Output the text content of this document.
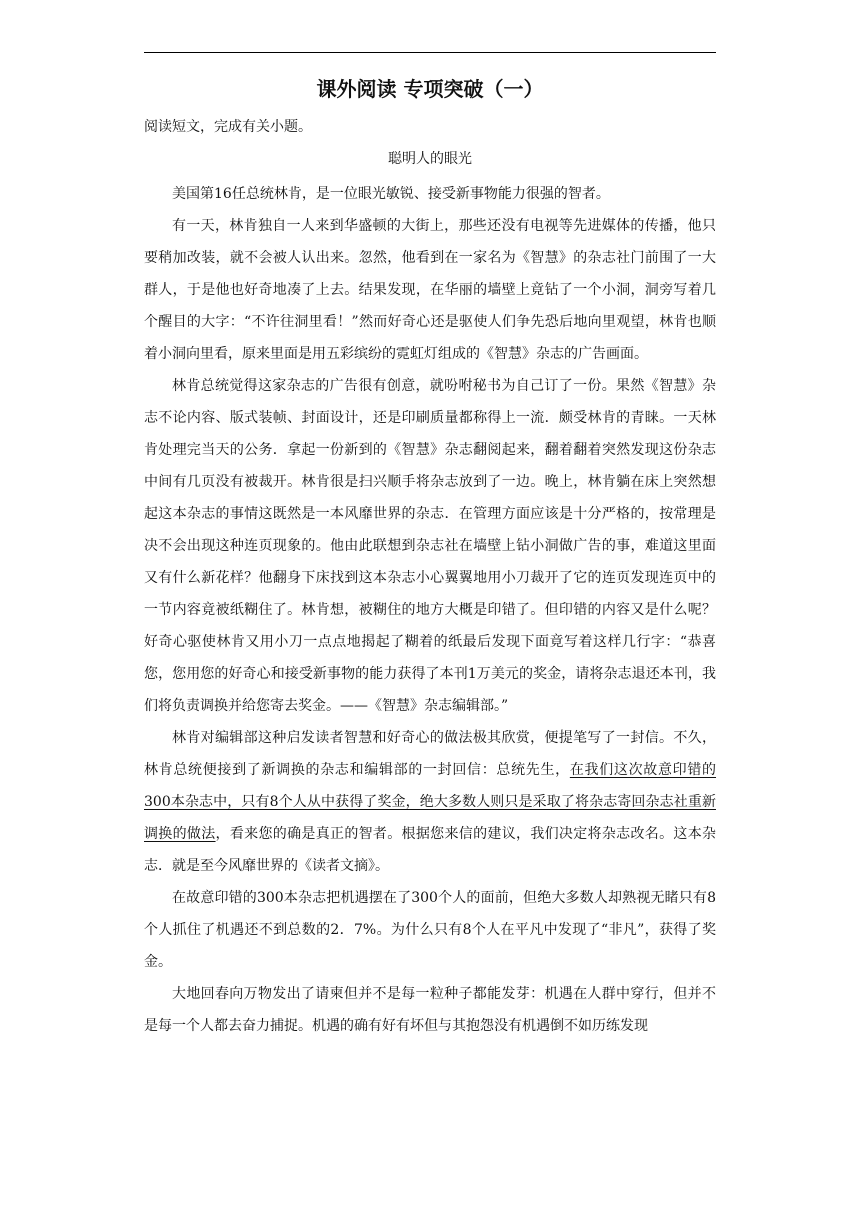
课外阅读 专项突破（一）

阅读短文，完成有关小题。

聪明人的眼光

美国第16任总统林肯，是一位眼光敏锐、接受新事物能力很强的智者。

有一天，林肯独自一人来到华盛顿的大街上，那些还没有电视等先进媒体的传播，他只要稍加改装，就不会被人认出来。忽然，他看到在一家名为《智慧》的杂志社门前围了一大群人，于是他也好奇地凑了上去。结果发现，在华丽的墙壁上竟钻了一个小洞，洞旁写着几个醒目的大字：“不许往洞里看！”然而好奇心还是驱使人们争先恐后地向里观望，林肯也顺着小洞向里看，原来里面是用五彩缤纷的霓虹灯组成的《智慧》杂志的广告画面。

林肯总统觉得这家杂志的广告很有创意，就吩咐秘书为自己订了一份。果然《智慧》杂志不论内容、版式装帧、封面设计，还是印刷质量都称得上一流．颇受林肯的青睐。一天林肯处理完当天的公务．拿起一份新到的《智慧》杂志翻阅起来，翻着翻着突然发现这份杂志中间有几页没有被裁开。林肯很是扫兴顺手将杂志放到了一边。晚上，林肯躺在床上突然想起这本杂志的事情这既然是一本风靡世界的杂志．在管理方面应该是十分严格的，按常理是决不会出现这种连页现象的。他由此联想到杂志社在墙壁上钻小洞做广告的事，难道这里面又有什么新花样？他翻身下床找到这本杂志小心翼翼地用小刀裁开了它的连页发现连页中的一节内容竟被纸糊住了。林肯想，被糊住的地方大概是印错了。但印错的内容又是什么呢？好奇心驱使林肯又用小刀一点点地揭起了糊着的纸最后发现下面竟写着这样几行字：“恭喜您，您用您的好奇心和接受新事物的能力获得了本刊1万美元的奖金，请将杂志退还本刊，我们将负责调换并给您寄去奖金。——《智慧》杂志编辑部。”

林肯对编辑部这种启发读者智慧和好奇心的做法极其欣赏，便提笔写了一封信。不久，林肯总统便接到了新调换的杂志和编辑部的一封回信：总统先生，在我们这次故意印错的300本杂志中，只有8个人从中获得了奖金，绝大多数人则只是采取了将杂志寄回杂志社重新调换的做法，看来您的确是真正的智者。根据您来信的建议，我们决定将杂志改名。这本杂志．就是至今风靡世界的《读者文摘》。

在故意印错的300本杂志把机遇摆在了300个人的面前，但绝大多数人却熟视无睹只有8个人抓住了机遇还不到总数的2．7%。为什么只有8个人在平凡中发现了“非凡”，获得了奖金。

大地回春向万物发出了请柬但并不是每一粒种子都能发芽：机遇在人群中穿行，但并不是每一个人都去奋力捕捉。机遇的确有好有坏但与其抱怨没有机遇倒不如历练发现
